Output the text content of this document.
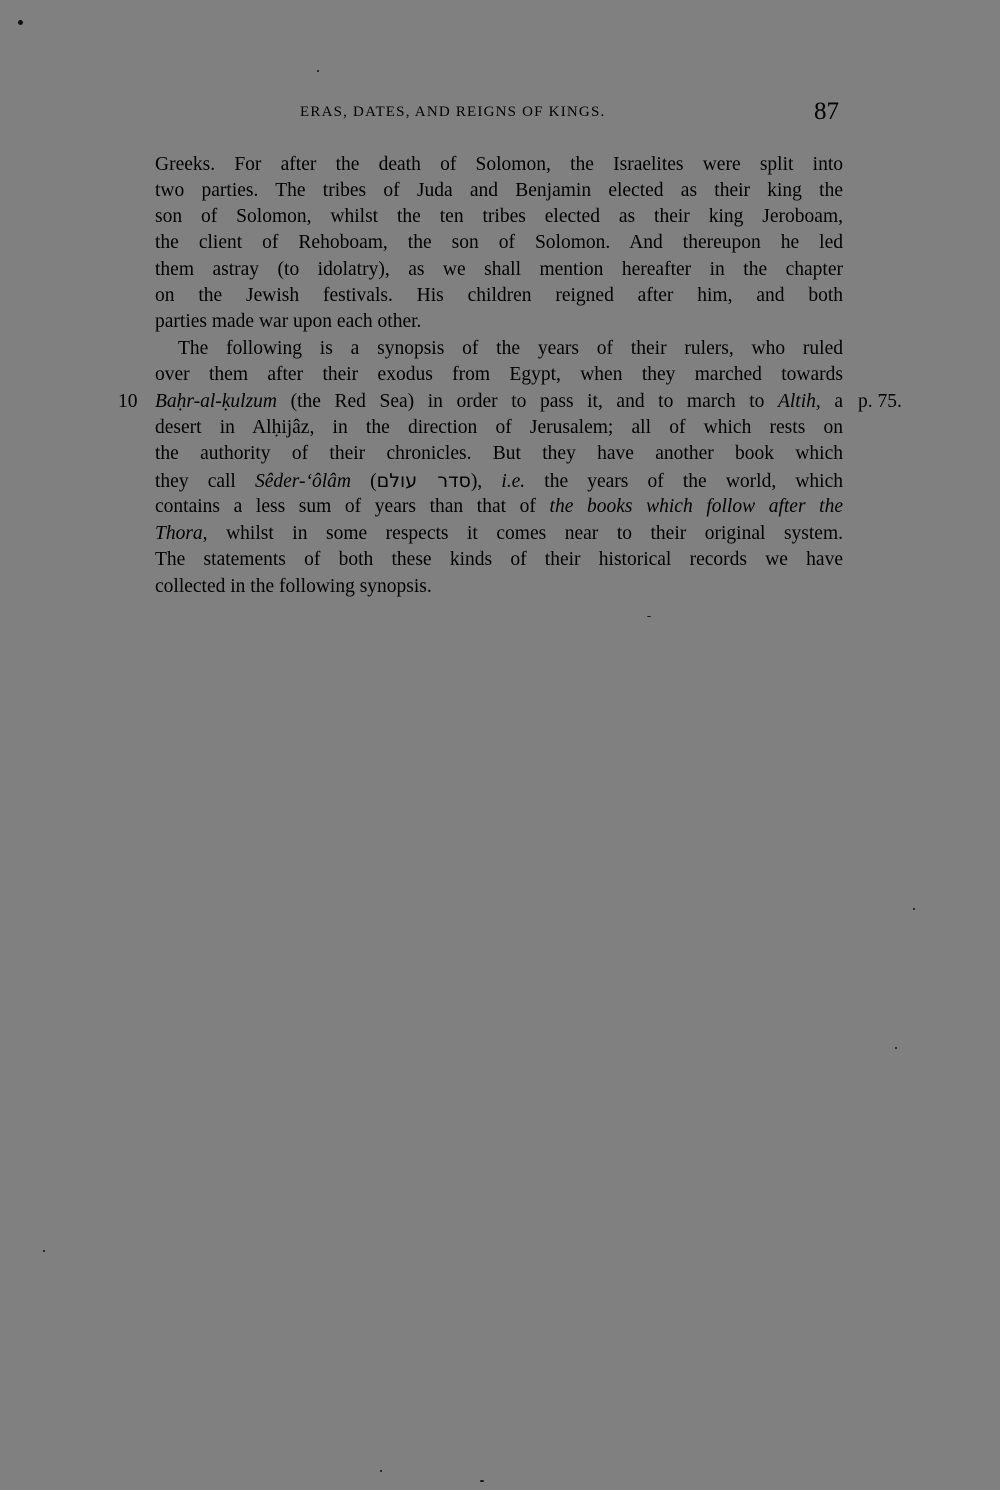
ERAS, DATES, AND REIGNS OF KINGS.	87
Greeks. For after the death of Solomon, the Israelites were split into
two parties. The tribes of Juda and Benjamin elected as their king the
son of Solomon, whilst the ten tribes elected as their king Jeroboam,
the client of Rehoboam, the son of Solomon. And thereupon he led
them astray (to idolatry), as we shall mention hereafter in the chapter
on the Jewish festivals. His children reigned after him, and both
parties made war upon each other.
The following is a synopsis of the years of their rulers, who ruled
over them after their exodus from Egypt, when they marched towards
Baḥr-al-ḳulzum (the Red Sea) in order to pass it, and to march to Altih, a
desert in Alḥijâz, in the direction of Jerusalem; all of which rests on
the authority of their chronicles. But they have another book which
they call Sêder-‘ôlâm (סדר עולם), i.e. the years of the world, which
contains a less sum of years than that of the books which follow after the
Thora, whilst in some respects it comes near to their original system.
The statements of both these kinds of their historical records we have
collected in the following synopsis.
10	p. 75.
